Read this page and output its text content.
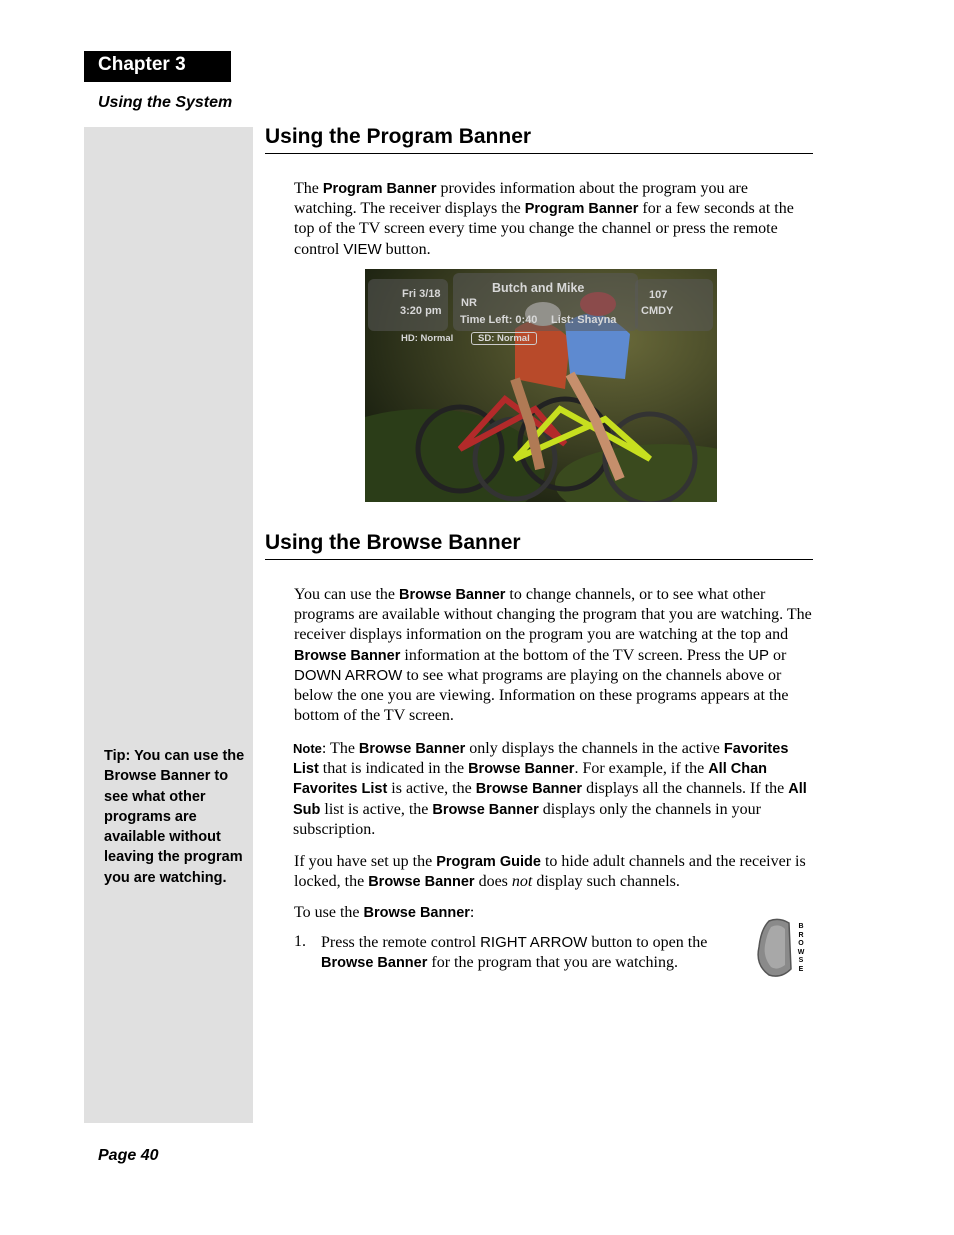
Chapter 3
Using the System
Tip: You can use the Browse Banner to see what other programs are available without leaving the program you are watching.
Using the Program Banner

The Program Banner provides information about the program you are watching. The receiver displays the Program Banner for a few seconds at the top of the TV screen every time you change the channel or press the remote control VIEW button.

Fri 3/18
3:20 pm
NR
Butch and Mike
Time Left: 0:40 List: Shayna
107
CMDY
HD: Normal	SD: Normal
Using the Browse Banner

You can use the Browse Banner to change channels, or to see what other programs are available without changing the program that you are watching. The receiver displays information on the program you are watching at the top and Browse Banner information at the bottom of the TV screen. Press the UP or DOWN ARROW to see what programs are playing on the channels above or below the one you are viewing. Information on these programs appears at the bottom of the TV screen.

Note: The Browse Banner only displays the channels in the active Favorites List that is indicated in the Browse Banner. For example, if the All Chan Favorites List is active, the Browse Banner displays all the channels. If the All Sub list is active, the Browse Banner displays only the channels in your subscription.

If you have set up the Program Guide to hide adult channels and the receiver is locked, the Browse Banner does not display such channels.

To use the Browse Banner:

1. Press the remote control RIGHT ARROW button to open the Browse Banner for the program that you are watching.

BROWSE
Page 40
